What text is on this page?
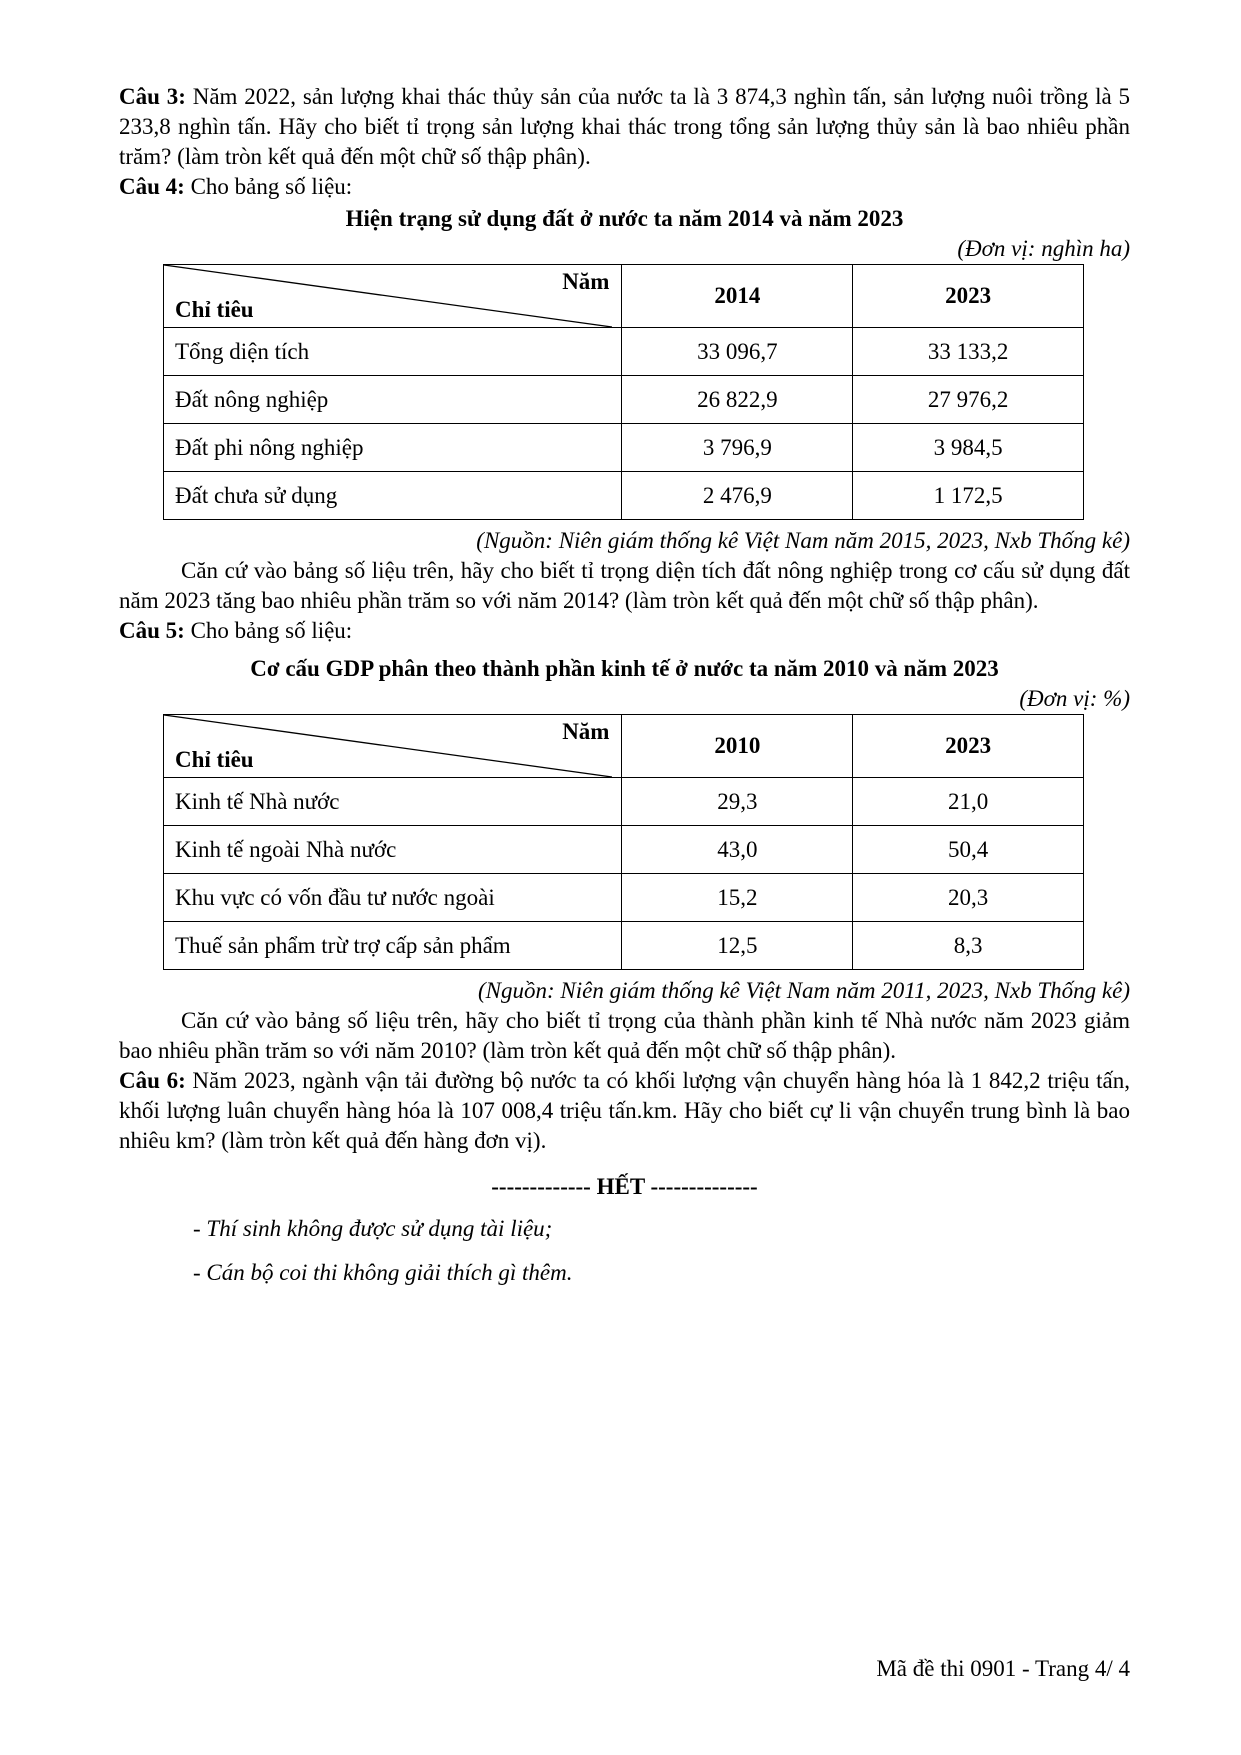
Câu 3: Năm 2022, sản lượng khai thác thủy sản của nước ta là 3 874,3 nghìn tấn, sản lượng nuôi trồng là 5 233,8 nghìn tấn. Hãy cho biết tỉ trọng sản lượng khai thác trong tổng sản lượng thủy sản là bao nhiêu phần trăm? (làm tròn kết quả đến một chữ số thập phân).

Câu 4: Cho bảng số liệu:

Hiện trạng sử dụng đất ở nước ta năm 2014 và năm 2023
(Đơn vị: nghìn ha)
Năm
Chỉ tiêu	2014	2023
Tổng diện tích	33 096,7	33 133,2
Đất nông nghiệp	26 822,9	27 976,2
Đất phi nông nghiệp	3 796,9	3 984,5
Đất chưa sử dụng	2 476,9	1 172,5
(Nguồn: Niên giám thống kê Việt Nam năm 2015, 2023, Nxb Thống kê)

Căn cứ vào bảng số liệu trên, hãy cho biết tỉ trọng diện tích đất nông nghiệp trong cơ cấu sử dụng đất năm 2023 tăng bao nhiêu phần trăm so với năm 2014? (làm tròn kết quả đến một chữ số thập phân).

Câu 5: Cho bảng số liệu:

Cơ cấu GDP phân theo thành phần kinh tế ở nước ta năm 2010 và năm 2023
(Đơn vị: %)
Năm
Chỉ tiêu	2010	2023
Kinh tế Nhà nước	29,3	21,0
Kinh tế ngoài Nhà nước	43,0	50,4
Khu vực có vốn đầu tư nước ngoài	15,2	20,3
Thuế sản phẩm trừ trợ cấp sản phẩm	12,5	8,3
(Nguồn: Niên giám thống kê Việt Nam năm 2011, 2023, Nxb Thống kê)

Căn cứ vào bảng số liệu trên, hãy cho biết tỉ trọng của thành phần kinh tế Nhà nước năm 2023 giảm bao nhiêu phần trăm so với năm 2010? (làm tròn kết quả đến một chữ số thập phân).

Câu 6: Năm 2023, ngành vận tải đường bộ nước ta có khối lượng vận chuyển hàng hóa là 1 842,2 triệu tấn, khối lượng luân chuyển hàng hóa là 107 008,4 triệu tấn.km. Hãy cho biết cự li vận chuyển trung bình là bao nhiêu km? (làm tròn kết quả đến hàng đơn vị).

------------- HẾT --------------
- Thí sinh không được sử dụng tài liệu;
- Cán bộ coi thi không giải thích gì thêm.
Mã đề thi 0901 - Trang 4/ 4
